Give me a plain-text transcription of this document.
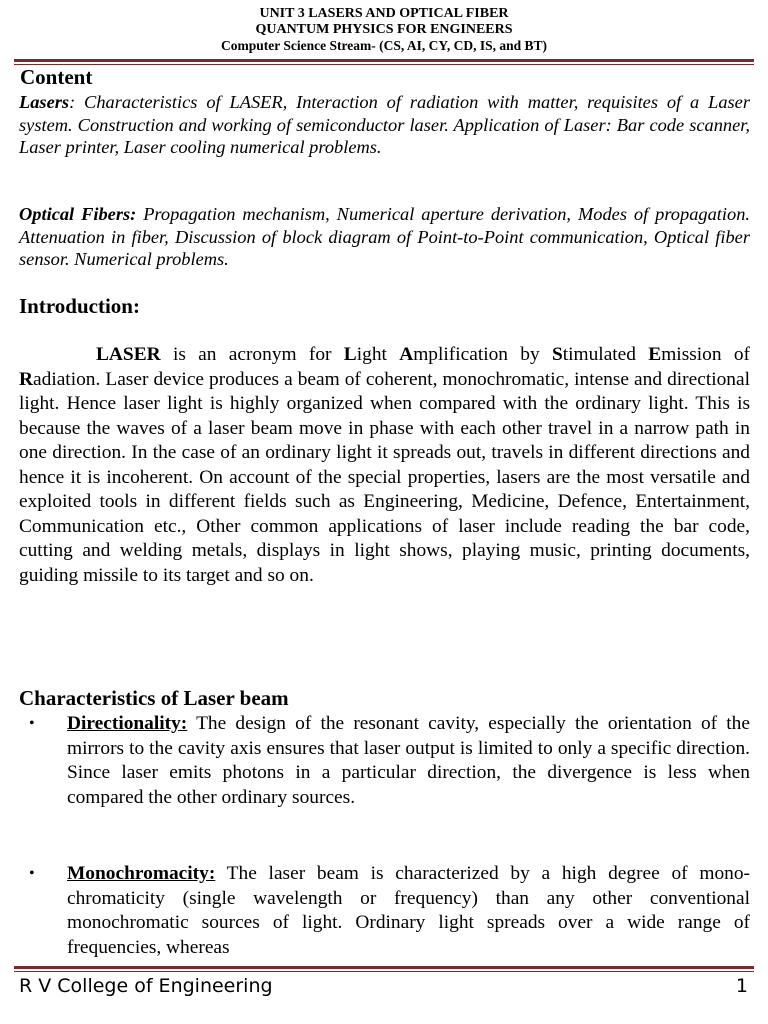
UNIT 3 LASERS AND OPTICAL FIBER
QUANTUM PHYSICS FOR ENGINEERS
Computer Science Stream- (CS, AI, CY, CD, IS, and BT)
Content

Lasers: Characteristics of LASER, Interaction of radiation with matter, requisites of a Laser system. Construction and working of semiconductor laser. Application of Laser: Bar code scanner, Laser printer, Laser cooling numerical problems.

Optical Fibers: Propagation mechanism, Numerical aperture derivation, Modes of propagation. Attenuation in fiber, Discussion of block diagram of Point-to-Point communication, Optical fiber sensor. Numerical problems.

Introduction:

LASER is an acronym for Light Amplification by Stimulated Emission of Radiation. Laser device produces a beam of coherent, monochromatic, intense and directional light. Hence laser light is highly organized when compared with the ordinary light. This is because the waves of a laser beam move in phase with each other travel in a narrow path in one direction. In the case of an ordinary light it spreads out, travels in different directions and hence it is incoherent. On account of the special properties, lasers are the most versatile and exploited tools in different fields such as Engineering, Medicine, Defence, Entertainment, Communication etc., Other common applications of laser include reading the bar code, cutting and welding metals, displays in light shows, playing music, printing documents, guiding missile to its target and so on.

Characteristics of Laser beam
• Directionality: The design of the resonant cavity, especially the orientation of the mirrors to the cavity axis ensures that laser output is limited to only a specific direction. Since laser emits photons in a particular direction, the divergence is less when compared the other ordinary sources.
• Monochromacity: The laser beam is characterized by a high degree of mono-chromaticity (single wavelength or frequency) than any other conventional monochromatic sources of light. Ordinary light spreads over a wide range of frequencies, whereas
R V College of Engineering	1
